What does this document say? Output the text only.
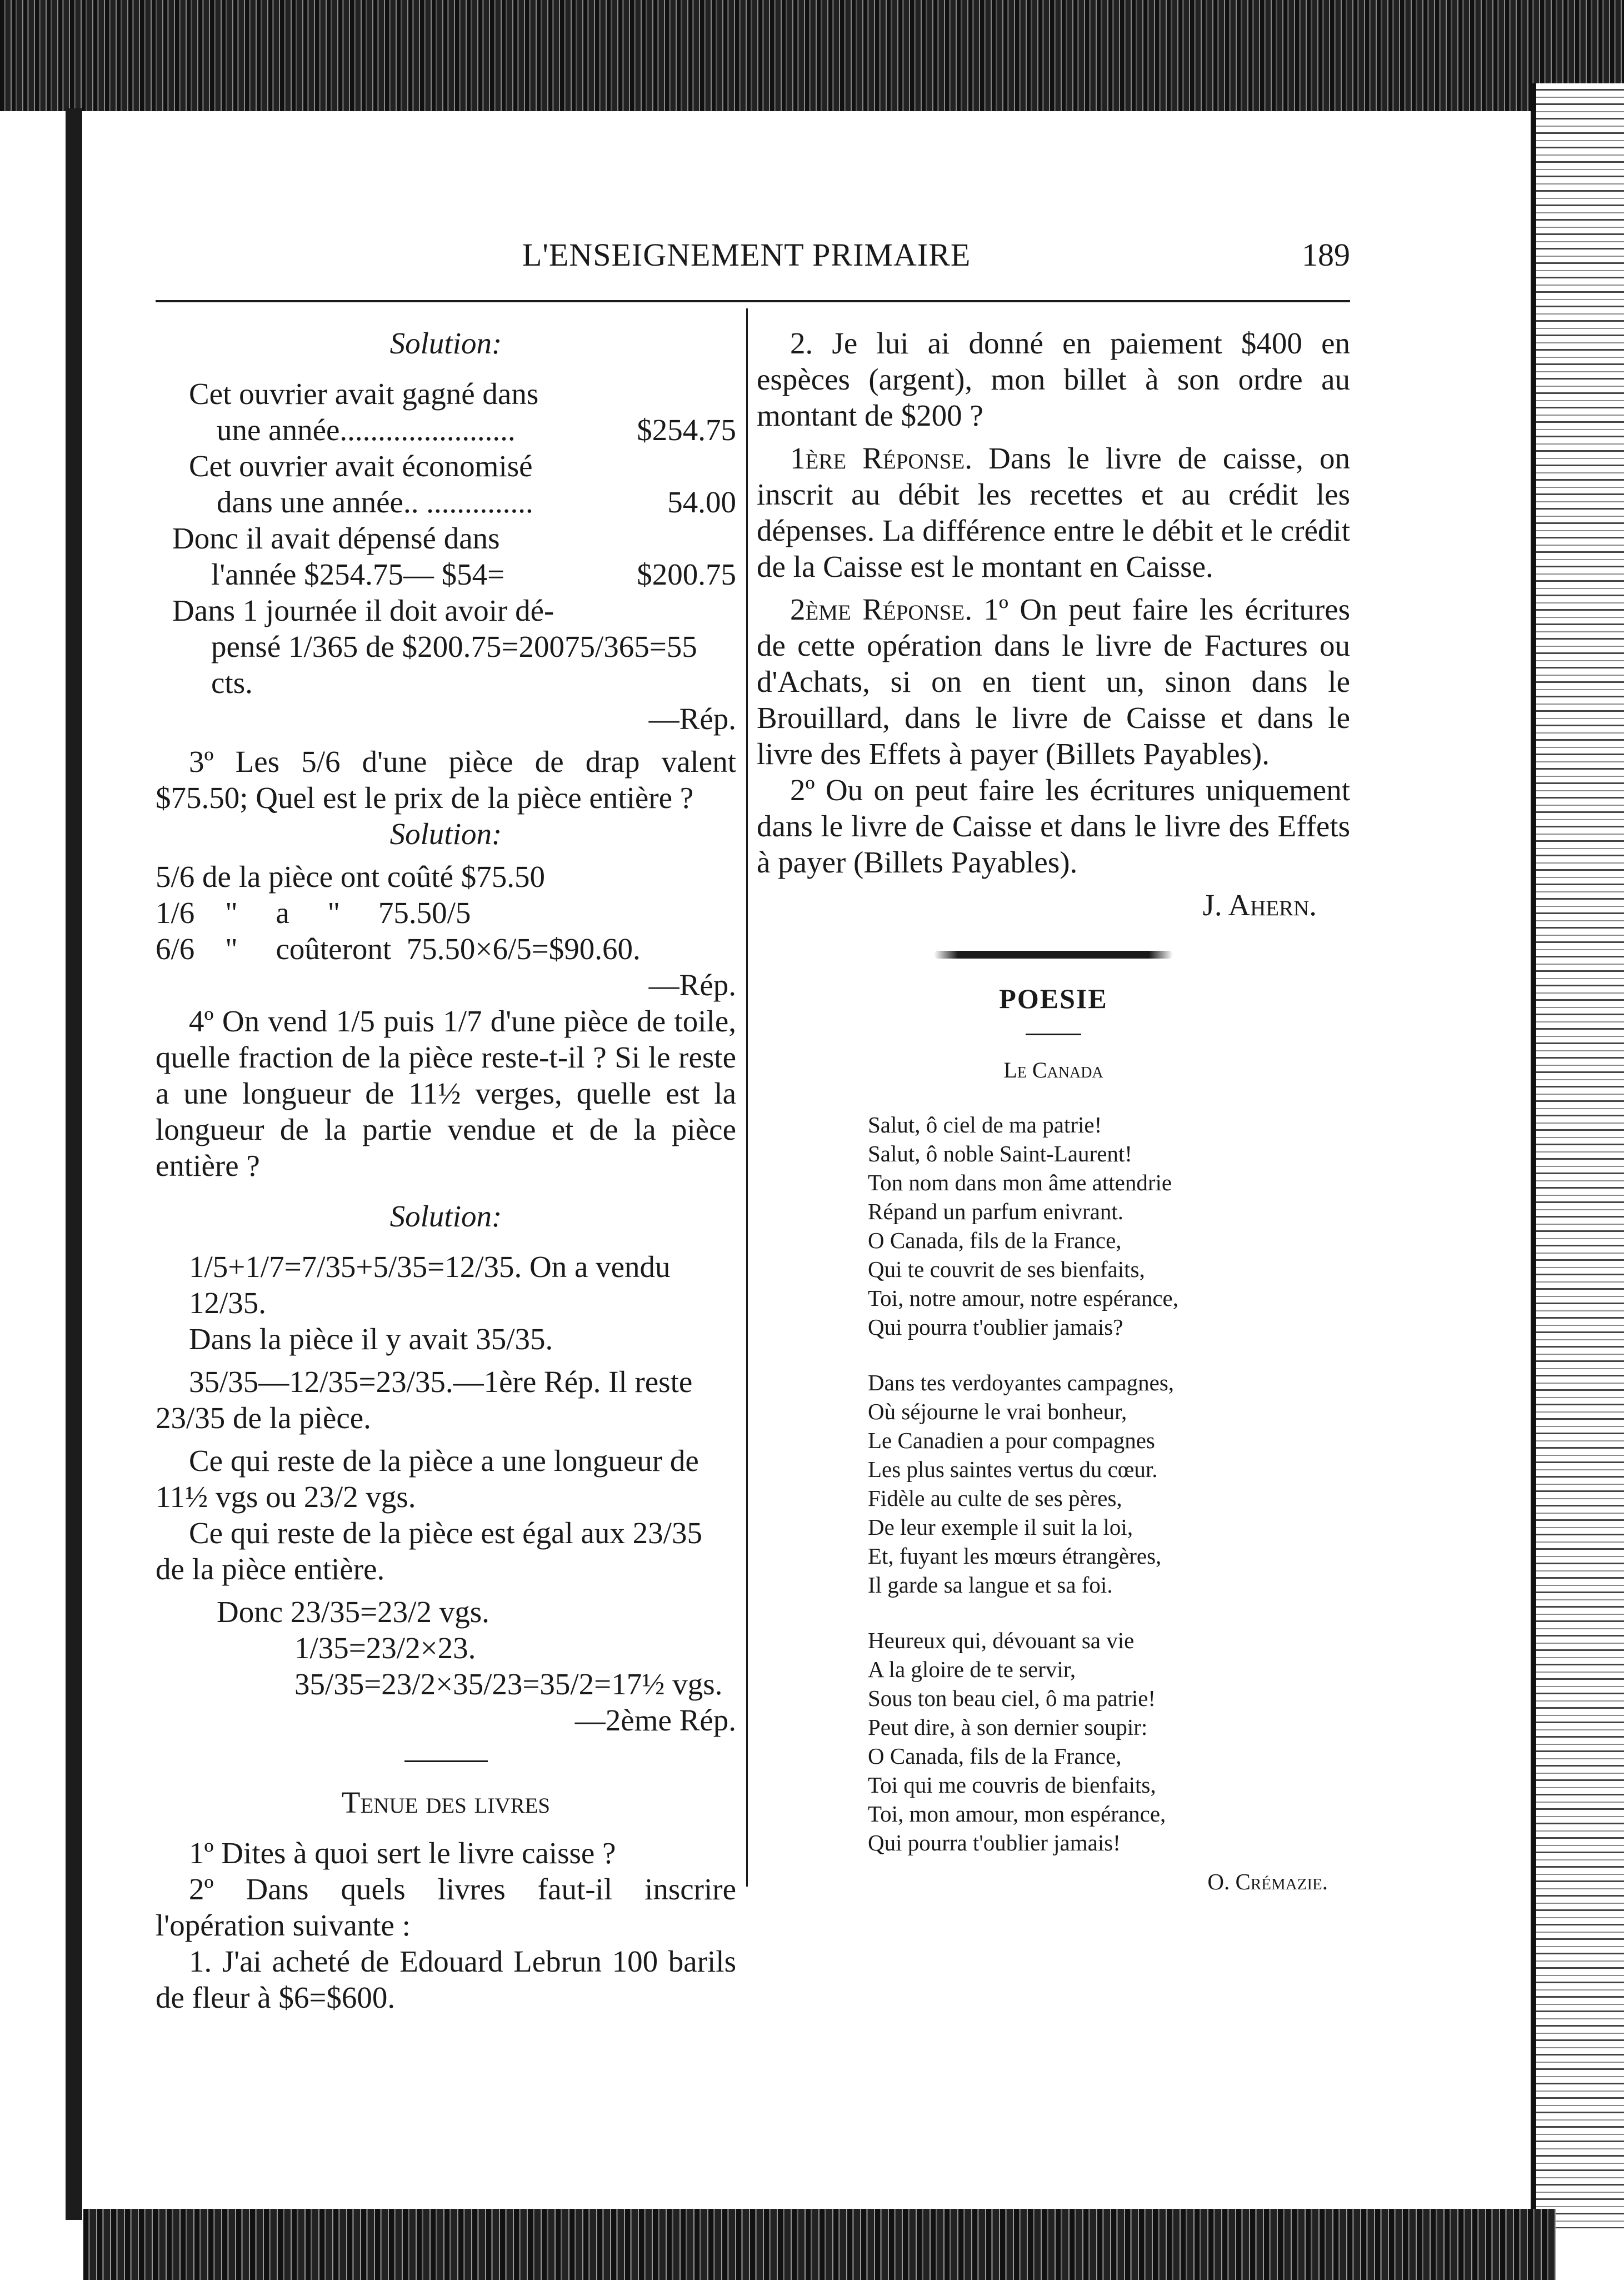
L'ENSEIGNEMENT PRIMAIRE	189

Solution:

Cet ouvrier avait gagné dans

une année.......................	$254.75

Cet ouvrier avait économisé

dans une année.. ..............	54.00

Donc il avait dépensé dans

l'année $254.75— $54=	$200.75

Dans 1 journée il doit avoir dé-

pensé 1/365 de $200.75=20075/365=55 cts.

—Rép.

3º Les 5/6 d'une pièce de drap valent $75.50; Quel est le prix de la pièce entière ?

Solution:

5/6 de la pièce ont coûté $75.50

1/6    "     a     "     75.50/5

6/6    "     coûteront  75.50×6/5=$90.60.

—Rép.

4º On vend 1/5 puis 1/7 d'une pièce de toile, quelle fraction de la pièce reste-t-il ? Si le reste a une longueur de 11½ verges, quelle est la longueur de la partie vendue et de la pièce entière ?

Solution:

1/5+1/7=7/35+5/35=12/35. On a vendu 12/35.

Dans la pièce il y avait 35/35.

35/35—12/35=23/35.—1ère Rép. Il reste 23/35 de la pièce.

Ce qui reste de la pièce a une longueur de 11½ vgs ou 23/2 vgs.

Ce qui reste de la pièce est égal aux 23/35 de la pièce entière.

Donc 23/35=23/2 vgs.

1/35=23/2×23.

35/35=23/2×35/23=35/2=17½ vgs.

—2ème Rép.

Tenue des livres

1º Dites à quoi sert le livre caisse ?

2º Dans quels livres faut-il inscrire l'opération suivante :

1. J'ai acheté de Edouard Lebrun 100 barils de fleur à $6=$600.

2. Je lui ai donné en paiement $400 en espèces (argent), mon billet à son ordre au montant de $200 ?

1ère Réponse. Dans le livre de caisse, on inscrit au débit les recettes et au crédit les dépenses. La différence entre le débit et le crédit de la Caisse est le montant en Caisse.

2ème Réponse. 1º On peut faire les écritures de cette opération dans le livre de Factures ou d'Achats, si on en tient un, sinon dans le Brouillard, dans le livre de Caisse et dans le livre des Effets à payer (Billets Payables).

2º Ou on peut faire les écritures uniquement dans le livre de Caisse et dans le livre des Effets à payer (Billets Payables).

J. Ahern.

POESIE

Le Canada

Salut, ô ciel de ma patrie!

Salut, ô noble Saint-Laurent!

Ton nom dans mon âme attendrie

Répand un parfum enivrant.

O Canada, fils de la France,

Qui te couvrit de ses bienfaits,

Toi, notre amour, notre espérance,

Qui pourra t'oublier jamais?

Dans tes verdoyantes campagnes,

Où séjourne le vrai bonheur,

Le Canadien a pour compagnes

Les plus saintes vertus du cœur.

Fidèle au culte de ses pères,

De leur exemple il suit la loi,

Et, fuyant les mœurs étrangères,

Il garde sa langue et sa foi.

Heureux qui, dévouant sa vie

A la gloire de te servir,

Sous ton beau ciel, ô ma patrie!

Peut dire, à son dernier soupir:

O Canada, fils de la France,

Toi qui me couvris de bienfaits,

Toi, mon amour, mon espérance,

Qui pourra t'oublier jamais!

O. Crémazie.
